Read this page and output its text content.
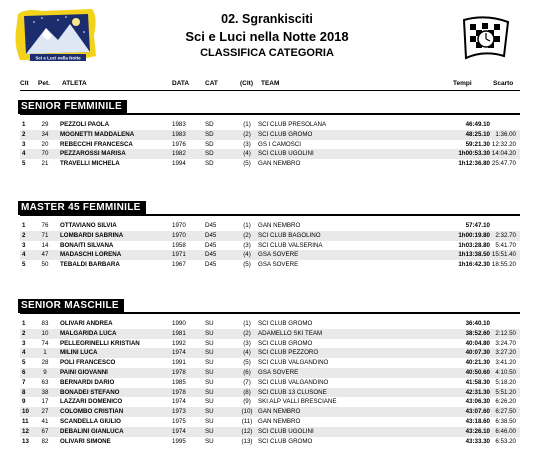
Sci e Luci nella Notte
02. Sgrankisciti
Sci e Luci nella Notte 2018
CLASSIFICA CATEGORIA
Clt Pet. ATLETA	DATA CAT	(Clt) TEAM	Tempi	Scarto
SENIOR FEMMINILE
1	29	PEZZOLI PAOLA	1983	SD	(1)	SCI CLUB PRESOLANA	46:49.10
2	34	MOGNETTI MADDALENA	1983	SD	(2)	SCI CLUB GROMO	48:25.10 1:36.00
3	20	REBECCHI FRANCESCA	1976	SD	(3)	GS I CAMOSCI	59:21.30 12:32.20
4	70	PEZZAROSSI MARISA	1982	SD	(4)	SCI CLUB UGOLINI	1h00:53.30 14:04.20
5	21	TRAVELLI MICHELA	1994	SD	(5)	GAN NEMBRO	1h12:36.80 25:47.70
MASTER 45 FEMMINILE
1	76	OTTAVIANO SILVIA	1970	D45	(1)	GAN NEMBRO	57:47.10
2	71	LOMBARDI SABRINA	1970	D45	(2)	SCI CLUB BAGOLINO	1h00:19.80 2:32.70
3	14	BONAITI SILVANA	1958	D45	(3)	SCI CLUB VALSERINA	1h03:28.80 5:41.70
4	47	MADASCHI LORENA	1971	D45	(4)	GSA SOVERE	1h13:38.50 15:51.40
5	50	TEBALDI BARBARA	1967	D45	(5)	GSA SOVERE	1h16:42.30 18:55.20
SENIOR MASCHILE
1	83	OLIVARI ANDREA	1990	SU	(1)	SCI CLUB GROMO	36:40.10
2	10	MALGARIDA LUCA	1981	SU	(2)	ADAMELLO SKI TEAM	38:52.60 2:12.50
3	74	PELLEGRINELLI KRISTIAN	1992	SU	(3)	SCI CLUB GROMO	40:04.80 3:24.70
4	1	MILINI LUCA	1974	SU	(4)	SCI CLUB PEZZORO	40:07.30 3:27.20
5	28	POLI FRANCESCO	1991	SU	(5)	SCI CLUB VALGANDINO	40:21.30 3:41.20
6	9	PAINI GIOVANNI	1978	SU	(6)	GSA SOVERE	40:50.60 4:10.50
7	63	BERNARDI DARIO	1985	SU	(7)	SCI CLUB VALGANDINO	41:58.30 5:18.20
8	38	BONADEI STEFANO	1978	SU	(8)	SCI CLUB 13 CLUSONE	42:31.30 5:51.20
9	17	LAZZARI DOMENICO	1974	SU	(9)	SKI ALP VALLI BRESCIANE	43:06.30 6:26.20
10	27	COLOMBO CRISTIAN	1973	SU	(10) GAN NEMBRO	43:07.60 6:27.50
11	41	SCANDELLA GIULIO	1975	SU	(11) GAN NEMBRO	43:18.60 6:38.50
12	67	DEBALINI GIANLUCA	1974	SU	(12) SCI CLUB UGOLINI	43:26.10 6:46.00
13	82	OLIVARI SIMONE	1995	SU	(13) SCI CLUB GROMO	43:33.30 6:53.20
